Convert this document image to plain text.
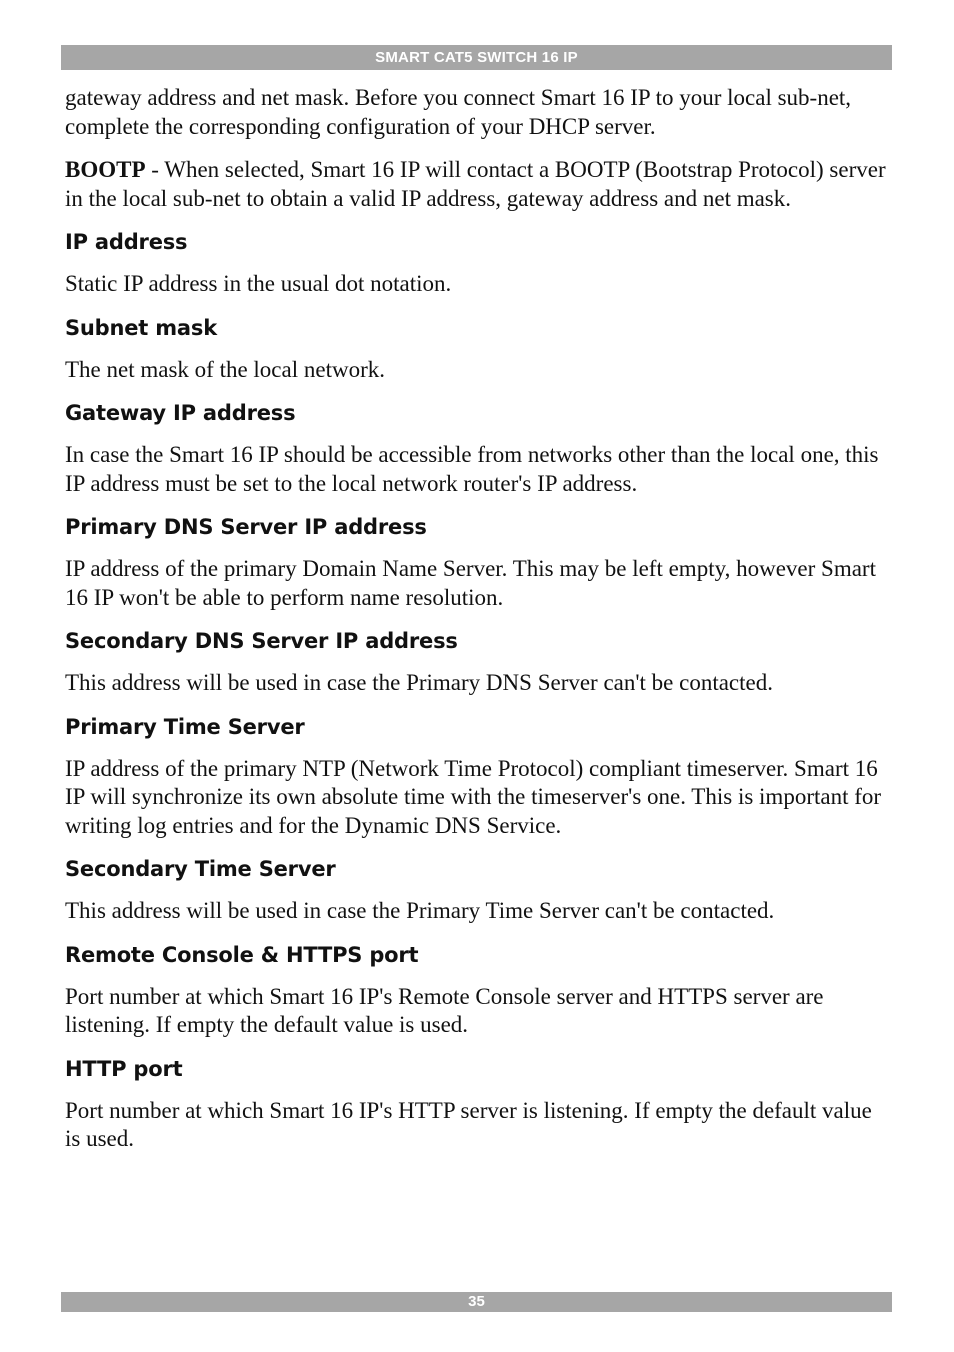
SMART CAT5 SWITCH 16 IP

gateway address and net mask. Before you connect Smart 16 IP to your local sub-net, complete the corresponding configuration of your DHCP server.

BOOTP - When selected, Smart 16 IP will contact a BOOTP (Bootstrap Protocol) server in the local sub-net to obtain a valid IP address, gateway address and net mask.

IP address

Static IP address in the usual dot notation.

Subnet mask

The net mask of the local network.

Gateway IP address

In case the Smart 16 IP should be accessible from networks other than the local one, this IP address must be set to the local network router's IP address.

Primary DNS Server IP address

IP address of the primary Domain Name Server. This may be left empty, however Smart 16 IP won't be able to perform name resolution.

Secondary DNS Server IP address

This address will be used in case the Primary DNS Server can't be contacted.

Primary Time Server

IP address of the primary NTP (Network Time Protocol) compliant timeserver. Smart 16 IP will synchronize its own absolute time with the timeserver's one. This is important for writing log entries and for the Dynamic DNS Service.

Secondary Time Server

This address will be used in case the Primary Time Server can't be contacted.

Remote Console & HTTPS port

Port number at which Smart 16 IP's Remote Console server and HTTPS server are listening. If empty the default value is used.

HTTP port

Port number at which Smart 16 IP's HTTP server is listening. If empty the default value is used.

35
